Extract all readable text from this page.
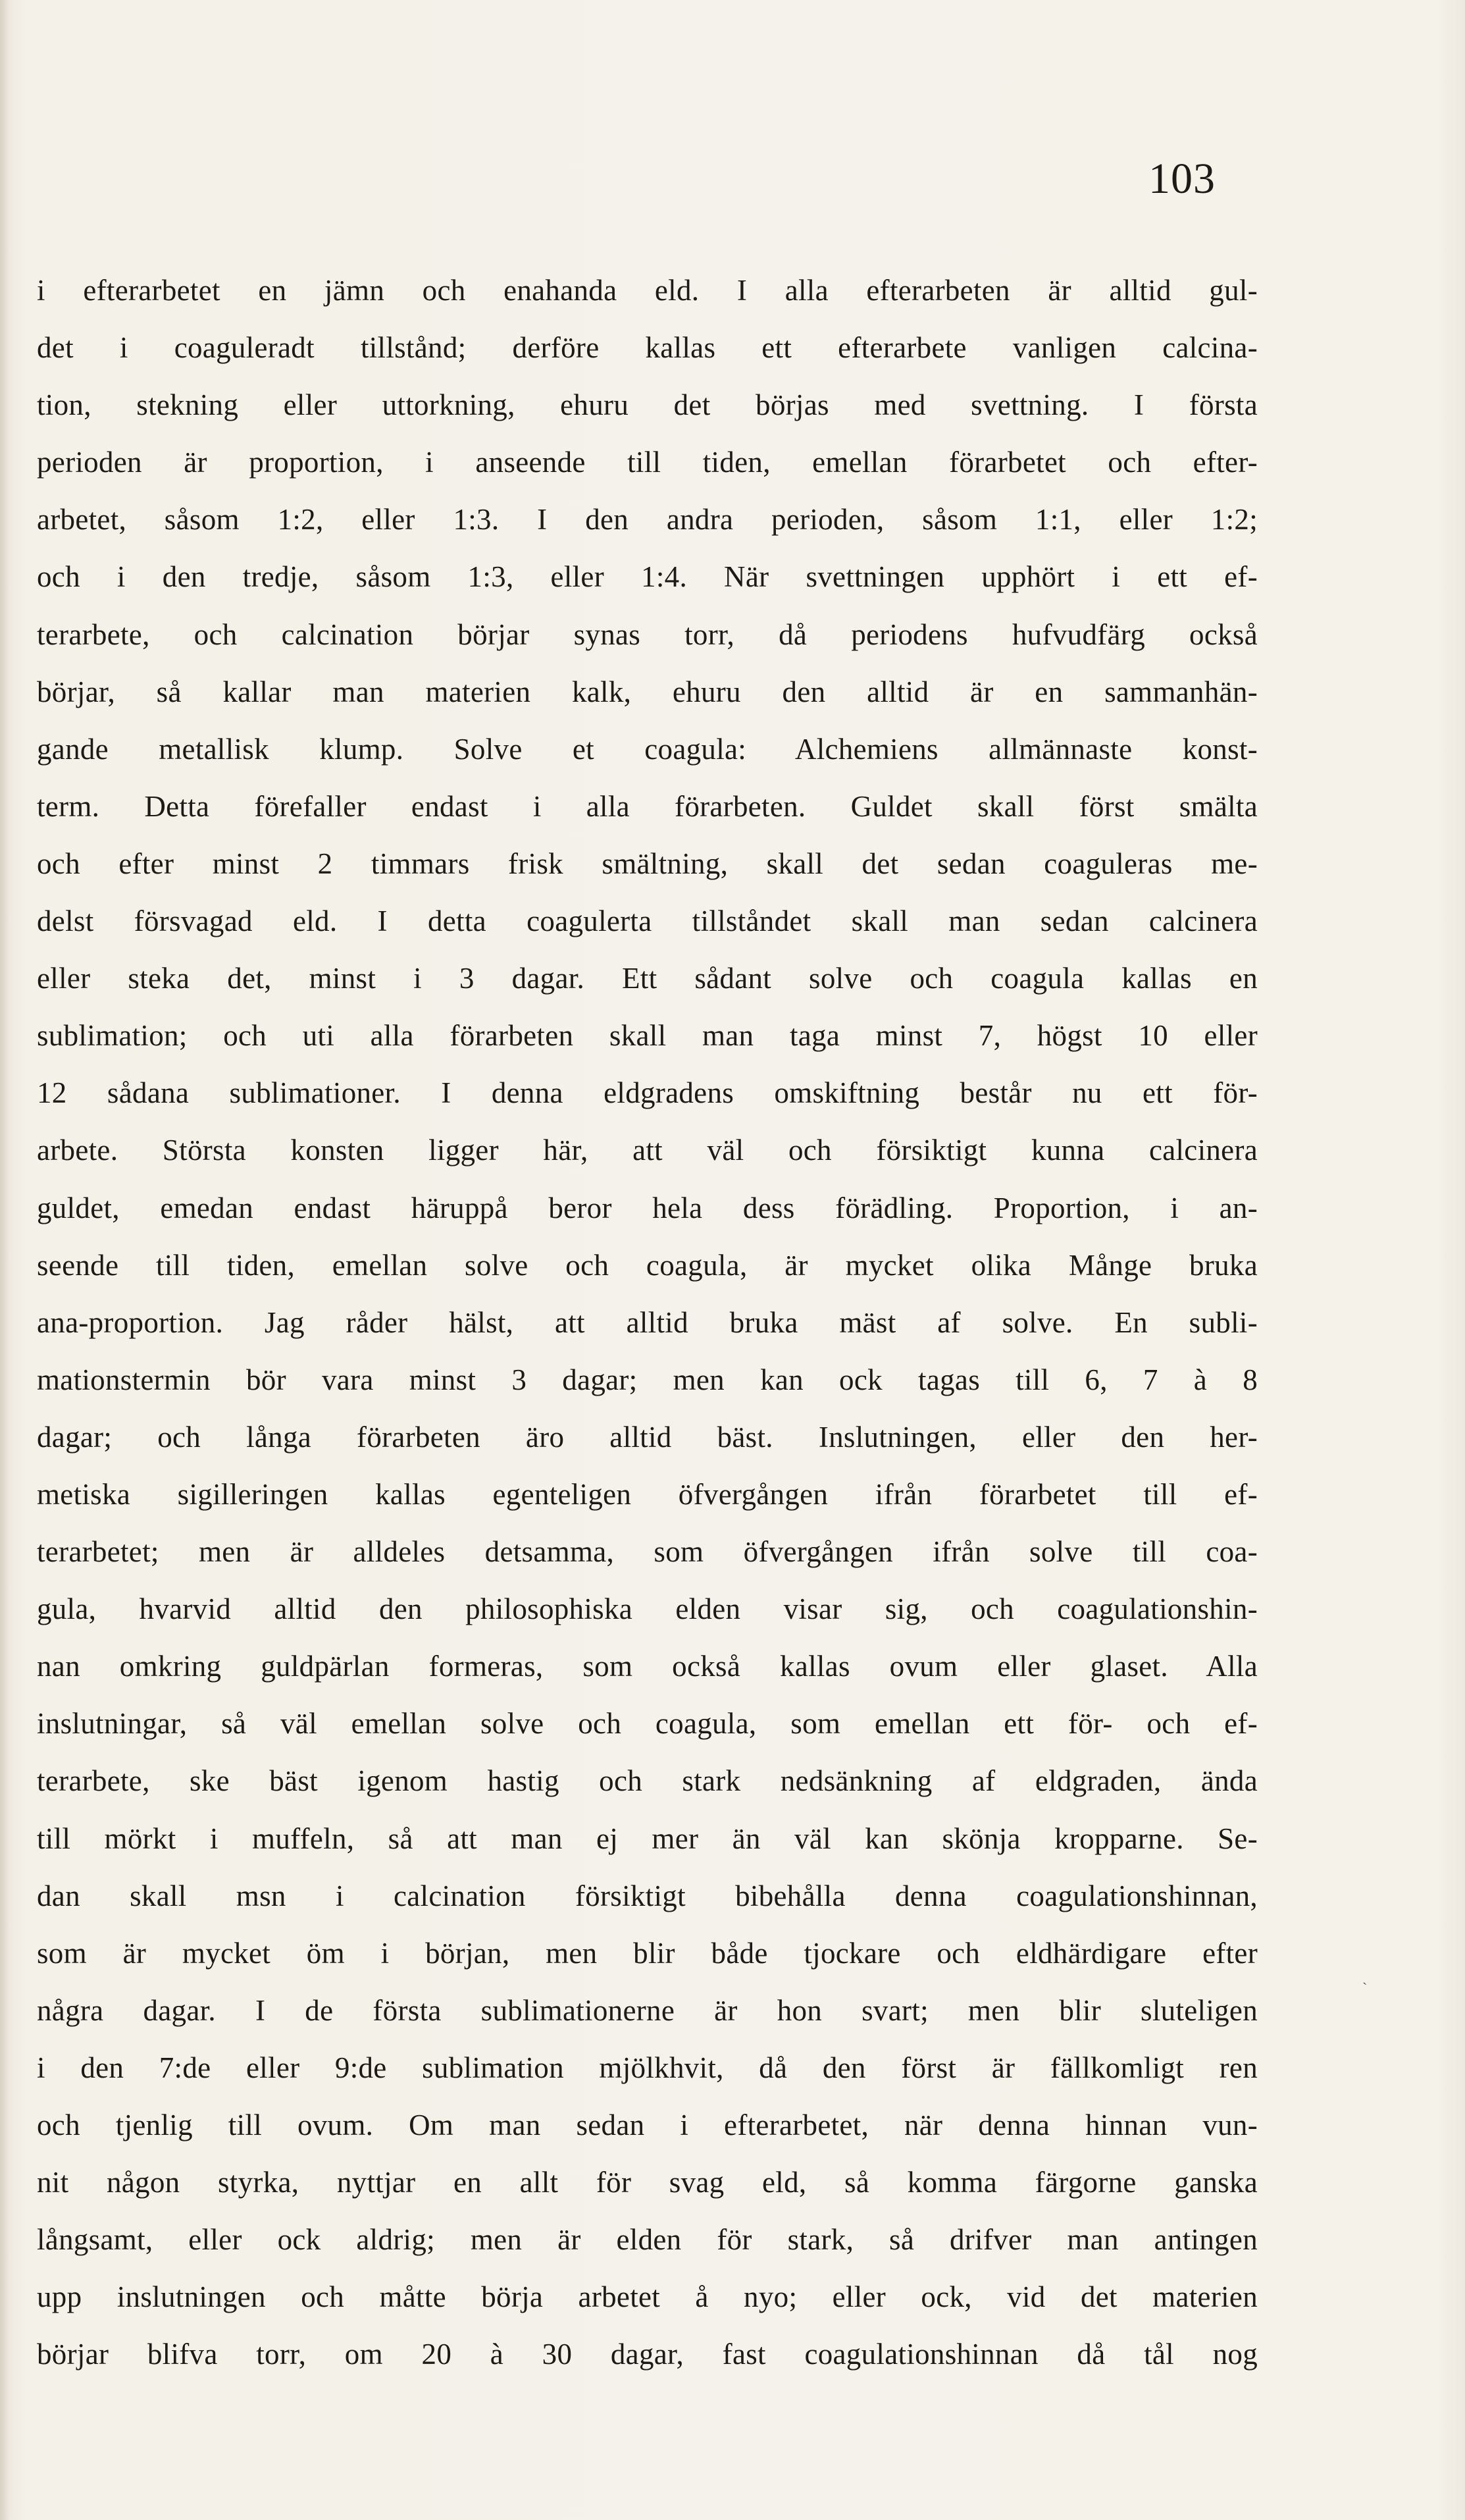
103
i efterarbetet en jämn och enahanda eld. I alla efterarbeten är alltid gul-
det i coaguleradt tillstånd; derföre kallas ett efterarbete vanligen calcina-
tion, stekning eller uttorkning, ehuru det börjas med svettning. I första
perioden är proportion, i anseende till tiden, emellan förarbetet och efter-
arbetet, såsom 1:2, eller 1:3. I den andra perioden, såsom 1:1, eller 1:2;
och i den tredje, såsom 1:3, eller 1:4. När svettningen upphört i ett ef-
terarbete, och calcination börjar synas torr, då periodens hufvudfärg också
börjar, så kallar man materien kalk, ehuru den alltid är en sammanhän-
gande metallisk klump. Solve et coagula: Alchemiens allmännaste konst-
term. Detta förefaller endast i alla förarbeten. Guldet skall först smälta
och efter minst 2 timmars frisk smältning, skall det sedan coaguleras me-
delst försvagad eld. I detta coagulerta tillståndet skall man sedan calcinera
eller steka det, minst i 3 dagar. Ett sådant solve och coagula kallas en
sublimation; och uti alla förarbeten skall man taga minst 7, högst 10 eller
12 sådana sublimationer. I denna eldgradens omskiftning består nu ett för-
arbete. Största konsten ligger här, att väl och försiktigt kunna calcinera
guldet, emedan endast häruppå beror hela dess förädling. Proportion, i an-
seende till tiden, emellan solve och coagula, är mycket olika Månge bruka
ana-proportion. Jag råder hälst, att alltid bruka mäst af solve. En subli-
mationstermin bör vara minst 3 dagar; men kan ock tagas till 6, 7 à 8
dagar; och långa förarbeten äro alltid bäst. Inslutningen, eller den her-
metiska sigilleringen kallas egenteligen öfvergången ifrån förarbetet till ef-
terarbetet; men är alldeles detsamma, som öfvergången ifrån solve till coa-
gula, hvarvid alltid den philosophiska elden visar sig, och coagulationshin-
nan omkring guldpärlan formeras, som också kallas ovum eller glaset. Alla
inslutningar, så väl emellan solve och coagula, som emellan ett för- och ef-
terarbete, ske bäst igenom hastig och stark nedsänkning af eldgraden, ända
till mörkt i muffeln, så att man ej mer än väl kan skönja kropparne. Se-
dan skall msn i calcination försiktigt bibehålla denna coagulationshinnan,
som är mycket öm i början, men blir både tjockare och eldhärdigare efter
några dagar. I de första sublimationerne är hon svart; men blir sluteligen
i den 7:de eller 9:de sublimation mjölkhvit, då den först är fällkomligt ren
och tjenlig till ovum. Om man sedan i efterarbetet, när denna hinnan vun-
nit någon styrka, nyttjar en allt för svag eld, så komma färgorne ganska
långsamt, eller ock aldrig; men är elden för stark, så drifver man antingen
upp inslutningen och måtte börja arbetet å nyo; eller ock, vid det materien
börjar blifva torr, om 20 à 30 dagar, fast coagulationshinnan då tål nog
ˎ
